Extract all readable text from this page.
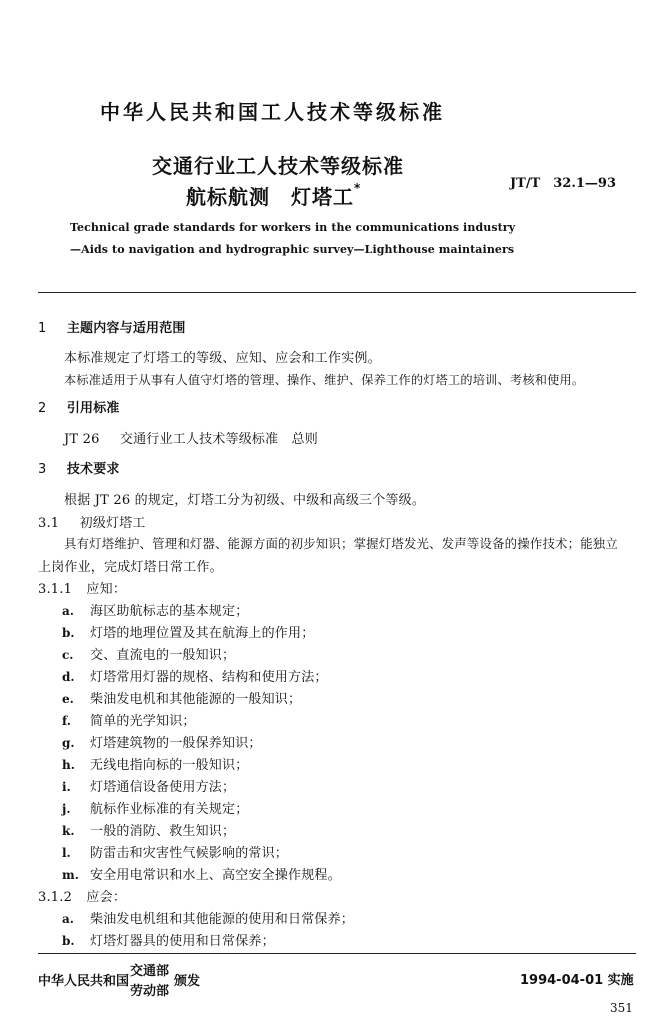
中华人民共和国工人技术等级标准
交通行业工人技术等级标准
航标航测　灯塔工*	JT/T　32.1—93
Technical grade standards for workers in the communications industry
—Aids to navigation and hydrographic survey—Lighthouse maintainers
1 主题内容与适用范围
本标准规定了灯塔工的等级、应知、应会和工作实例。
本标准适用于从事有人值守灯塔的管理、操作、维护、保养工作的灯塔工的培训、考核和使用。
2 引用标准
JT 26 交通行业工人技术等级标准　总则
3 技术要求
根据 JT 26 的规定，灯塔工分为初级、中级和高级三个等级。
3.1 初级灯塔工
具有灯塔维护、管理和灯器、能源方面的初步知识；掌握灯塔发光、发声等设备的操作技术；能独立
上岗作业，完成灯塔日常工作。
3.1.1 应知：
a. 海区助航标志的基本规定；
b. 灯塔的地理位置及其在航海上的作用；
c. 交、直流电的一般知识；
d. 灯塔常用灯器的规格、结构和使用方法；
e. 柴油发电机和其他能源的一般知识；
f. 简单的光学知识；
g. 灯塔建筑物的一般保养知识；
h. 无线电指向标的一般知识；
i. 灯塔通信设备使用方法；
j. 航标作业标准的有关规定；
k. 一般的消防、救生知识；
l. 防雷击和灾害性气候影响的常识；
m. 安全用电常识和水上、高空安全操作规程。
3.1.2 应会：
a. 柴油发电机组和其他能源的使用和日常保养；
b. 灯塔灯器具的使用和日常保养；
中华人民共和国
交通部
劳动部
颁发	1994-04-01 实施
351
